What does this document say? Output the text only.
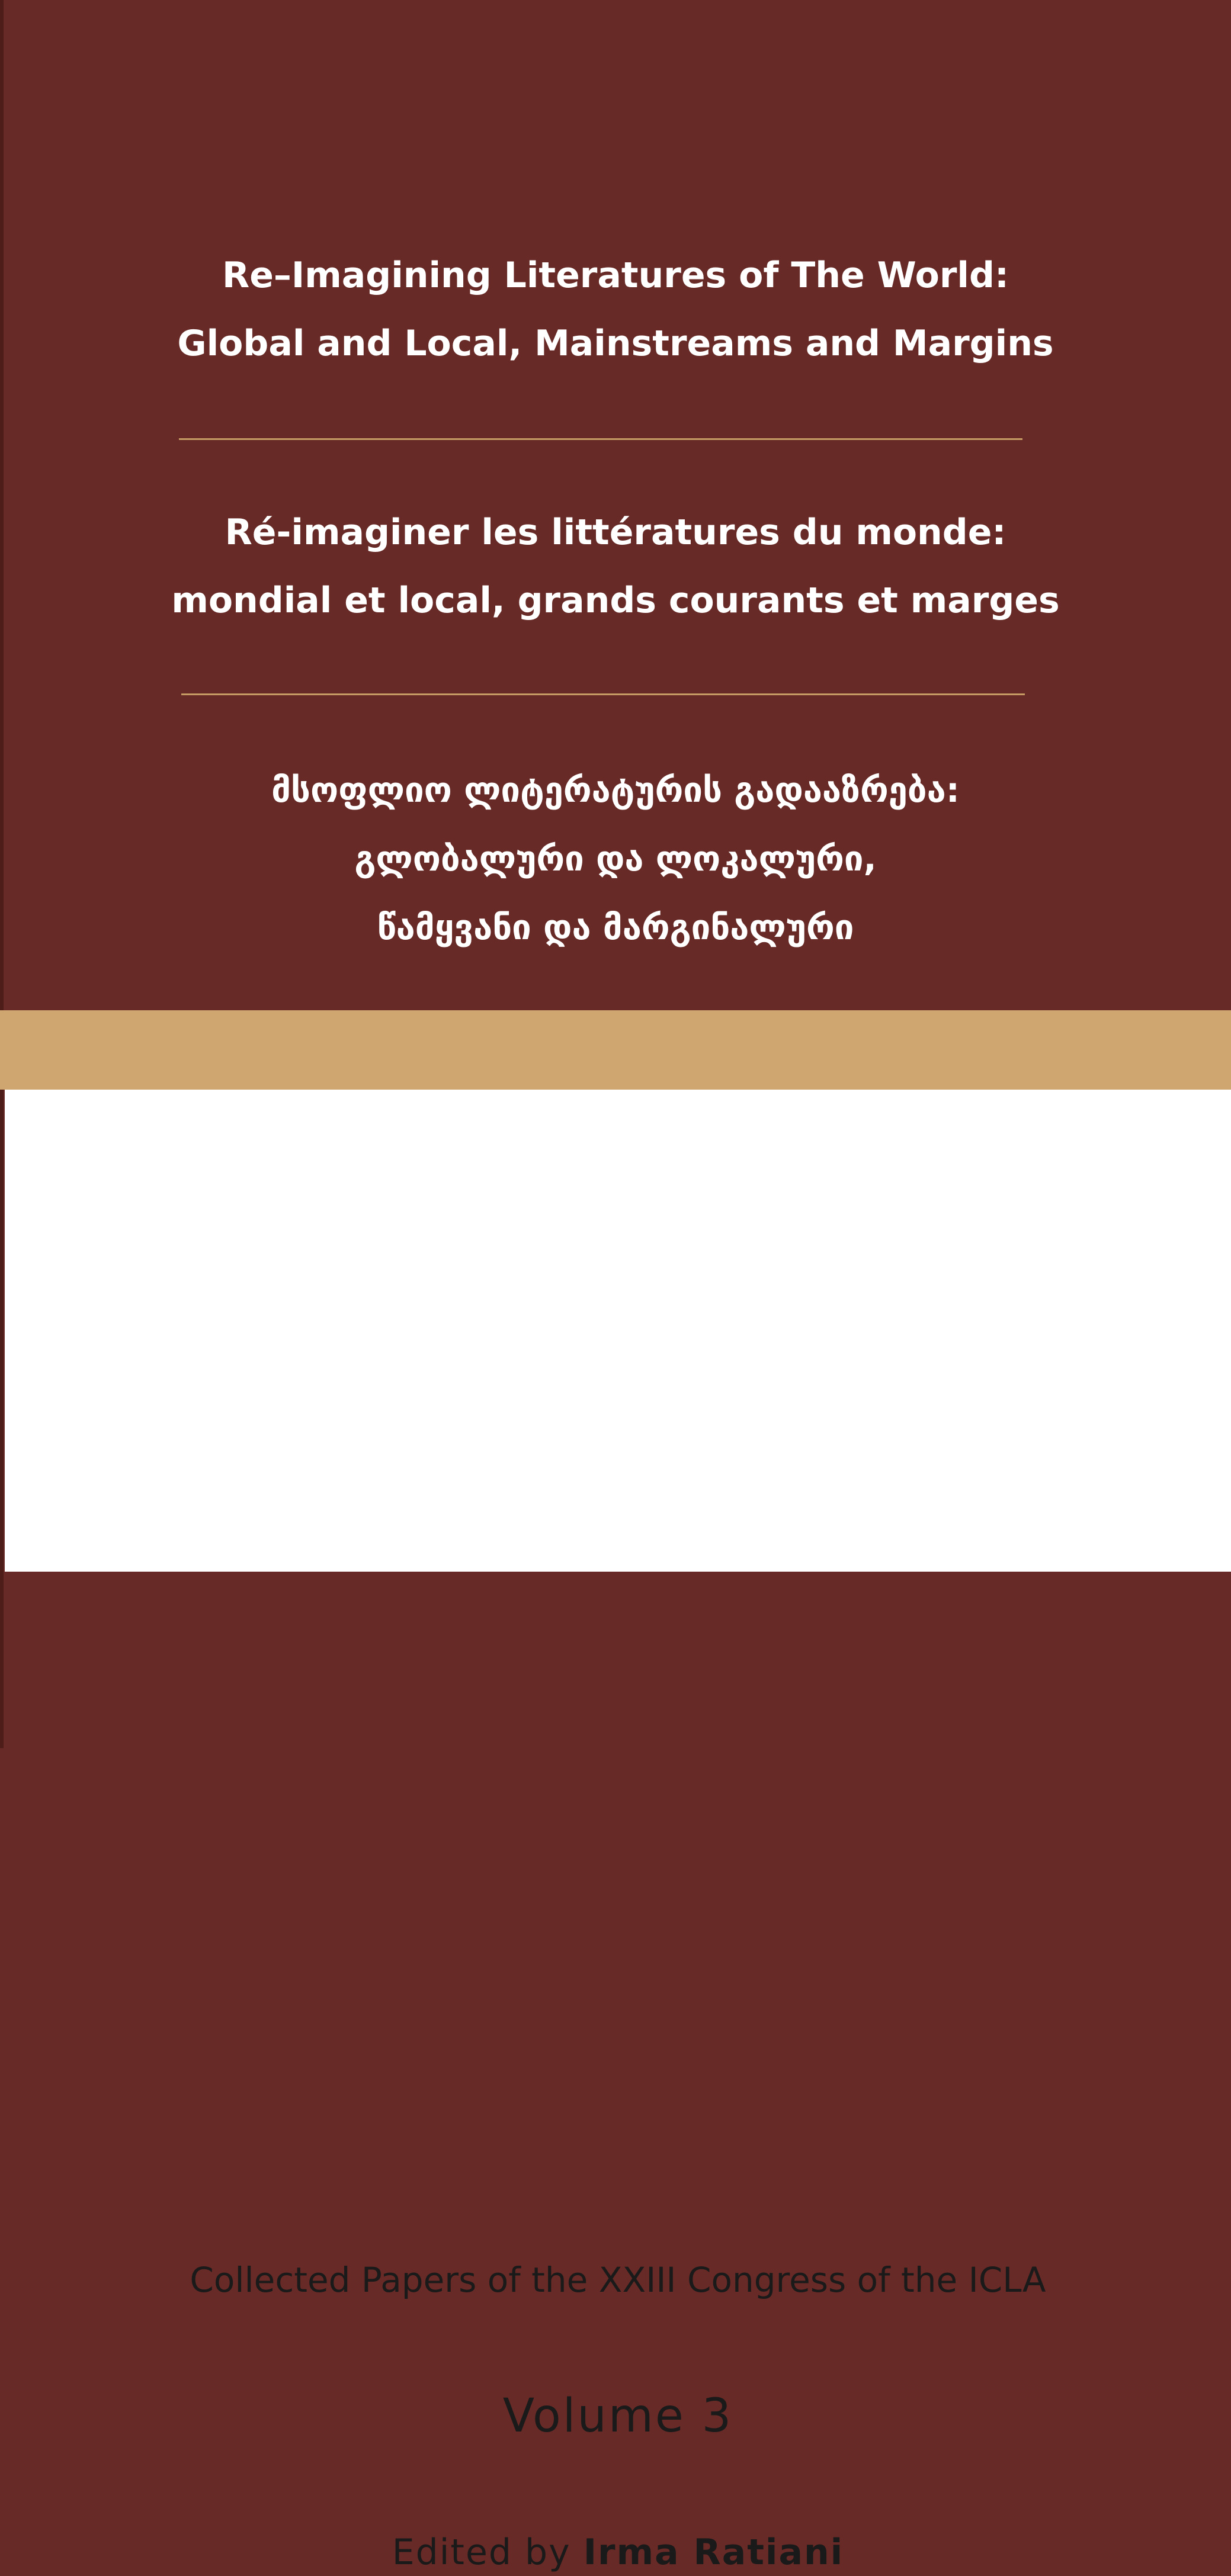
Re–Imagining Literatures of The World:
Global and Local, Mainstreams and Margins
Ré-imaginer les littératures du monde:
mondial et local, grands courants et marges
მსოფლიო ლიტერატურის გადააზრება:
გლობალური და ლოკალური,
წამყვანი და მარგინალური
Collected Papers of the XXIII Congress of the ICLA
Volume 3
Edited by Irma Ratiani
